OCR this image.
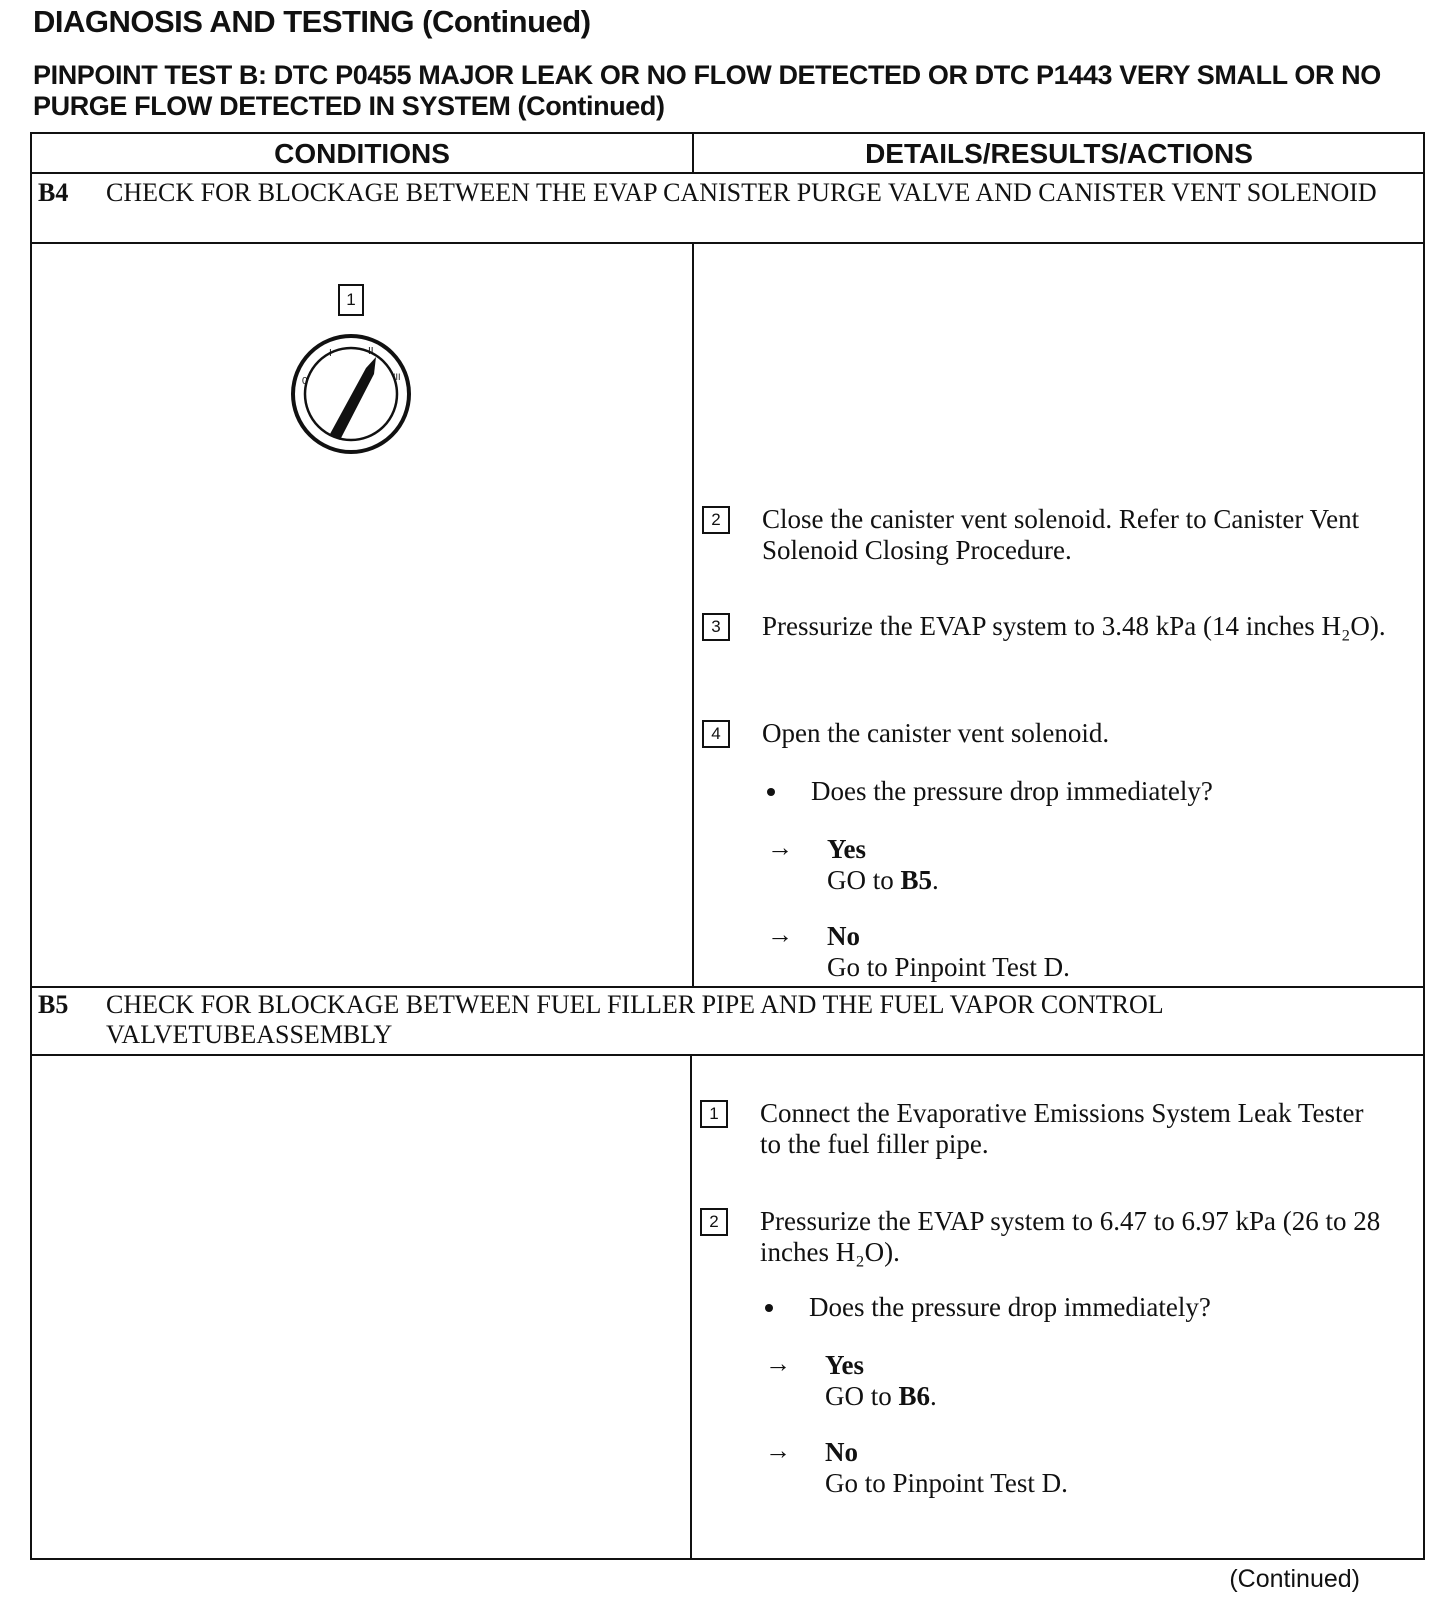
DIAGNOSIS AND TESTING (Continued)
PINPOINT TEST B: DTC P0455 MAJOR LEAK OR NO FLOW DETECTED OR DTC P1443 VERY SMALL OR NO PURGE FLOW DETECTED IN SYSTEM (Continued)
CONDITIONS	DETAILS/RESULTS/ACTIONS
B4 CHECK FOR BLOCKAGE BETWEEN THE EVAP CANISTER PURGE VALVE AND CANISTER VENT SOLENOID
2	Close the canister vent solenoid. Refer to Canister Vent Solenoid Closing Procedure.
3	Pressurize the EVAP system to 3.48 kPa (14 inches H₂O).
4	Open the canister vent solenoid.
Does the pressure drop immediately?
→ Yes
GO to B5.
→ No
Go to Pinpoint Test D.
B5 CHECK FOR BLOCKAGE BETWEEN FUEL FILLER PIPE AND THE FUEL VAPOR CONTROL VALVETUBEASSEMBLY
1	Connect the Evaporative Emissions System Leak Tester to the fuel filler pipe.
2	Pressurize the EVAP system to 6.47 to 6.97 kPa (26 to 28 inches H₂O).
Does the pressure drop immediately?
→ Yes
GO to B6.
→ No
Go to Pinpoint Test D.
1
0
I	II
III
(Continued)
